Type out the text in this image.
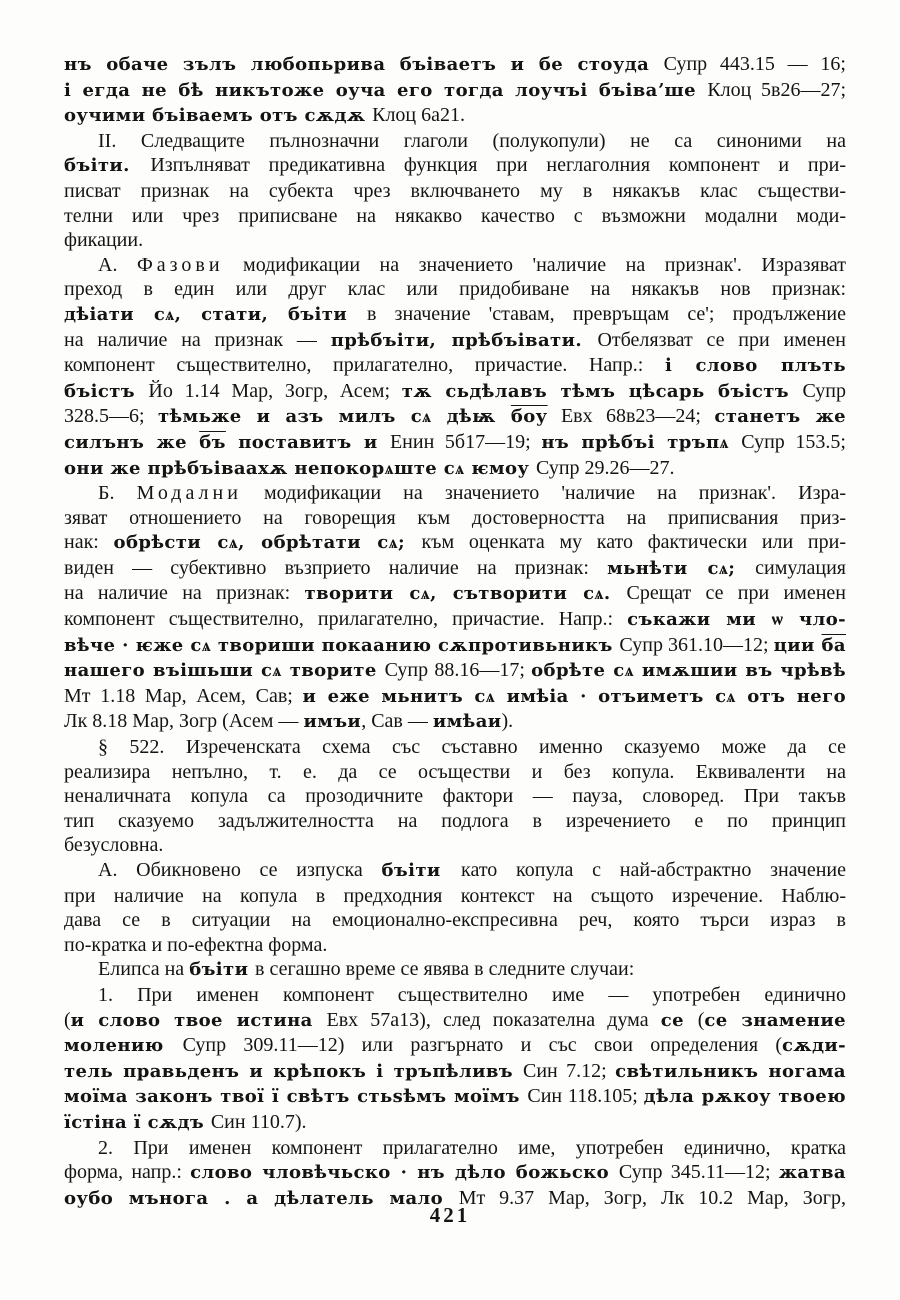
нъ обаче зълъ любопьрива бъіваетъ и бе стоуда Супр 443.15 — 16;
і егда не бѣ никътоже оуча его тогда лоучъі бъіваʼше Клоц 5в26—27;
оучими бъіваемъ отъ сѫдѫ Клоц 6а21.
II. Следващите пълнозначни глаголи (полукопули) не са синоними на
бъіти. Изпълняват предикативна функция при неглаголния компонент и при-
писват признак на субекта чрез включването му в някакъв клас съществи-
телни или чрез приписване на някакво качество с възможни модални моди-
фикации.
А. Фазови модификации на значението 'наличие на признак'. Изразяват
преход в един или друг клас или придобиване на някакъв нов признак:
дѣіати сѧ, стати, бъіти в значение 'ставам, превръщам се'; продължение
на наличие на признак — прѣбъіти, прѣбъівати. Отбелязват се при именен
компонент съществително, прилагателно, причастие. Напр.: і слово плъть
бъістъ Йо 1.14 Мар, Зогр, Асем; тѫ сьдѣлавъ тѣмъ цѣсарь бъістъ Супр
328.5—6; тѣмьже и азъ милъ сѧ дѣѭ боу Евх 68в23—24; станетъ же
силънъ же бъ поставитъ и Енин 5б17—19; нъ прѣбъі тръпѧ Супр 153.5;
они же прѣбъіваахѫ непокорѧште сѧ ѥмоу Супр 29.26—27.
Б. Модални модификации на значението 'наличие на признак'. Изра-
зяват отношението на говорещия към достоверността на приписвания приз-
нак: обрѣсти сѧ, обрѣтати сѧ; към оценката му като фактически или при-
виден — субективно възприето наличие на признак: мьнѣти сѧ; симулация
на наличие на признак: творити сѧ, сътворити сѧ. Срещат се при именен
компонент съществително, прилагателно, причастие. Напр.: съкажи ми ѡ чло-
вѣче · ѥже сѧ твориши покаанию сѫпротивьникъ Супр 361.10—12; ции ба
нашего въішьши сѧ творите Супр 88.16—17; обрѣте сѧ имѫшии въ чрѣвѣ
Мт 1.18 Мар, Асем, Сав; и еже мьнитъ сѧ имѣіа · отъиметъ сѧ отъ него
Лк 8.18 Мар, Зогр (Асем — имъи, Сав — имѣаи).
§ 522. Изреченската схема със съставно именно сказуемо може да се
реализира непълно, т. е. да се осъществи и без копула. Еквиваленти на
неналичната копула са прозодичните фактори — пауза, словоред. При такъв
тип сказуемо задължителността на подлога в изречението е по принцип
безусловна.
А. Обикновено се изпуска бъіти като копула с най-абстрактно значение
при наличие на копула в предходния контекст на същото изречение. Наблю-
дава се в ситуации на емоционално-експресивна реч, която търси израз в
по-кратка и по-ефектна форма.
Елипса на бъіти в сегашно време се явява в следните случаи:
1. При именен компонент съществително име — употребен единично
(и слово твое истина Евх 57а13), след показателна дума се (се знамение
молению Супр 309.11—12) или разгърнато и със свои определения (сѫди-
тель правьденъ и крѣпокъ і тръпѣливъ Син 7.12; свѣтильникъ ногама
моїма законъ твої ї свѣтъ стьѕѣмъ моїмъ Син 118.105; дѣла рѫкоу твоею
їстіна ї сѫдъ Син 110.7).
2. При именен компонент прилагателно име, употребен единично, кратка
форма, напр.: слово чловѣчьско · нъ дѣло божьско Супр 345.11—12; жатва
оубо мънога . а дѣлатель мало Мт 9.37 Мар, Зогр, Лк 10.2 Мар, Зогр,
421
